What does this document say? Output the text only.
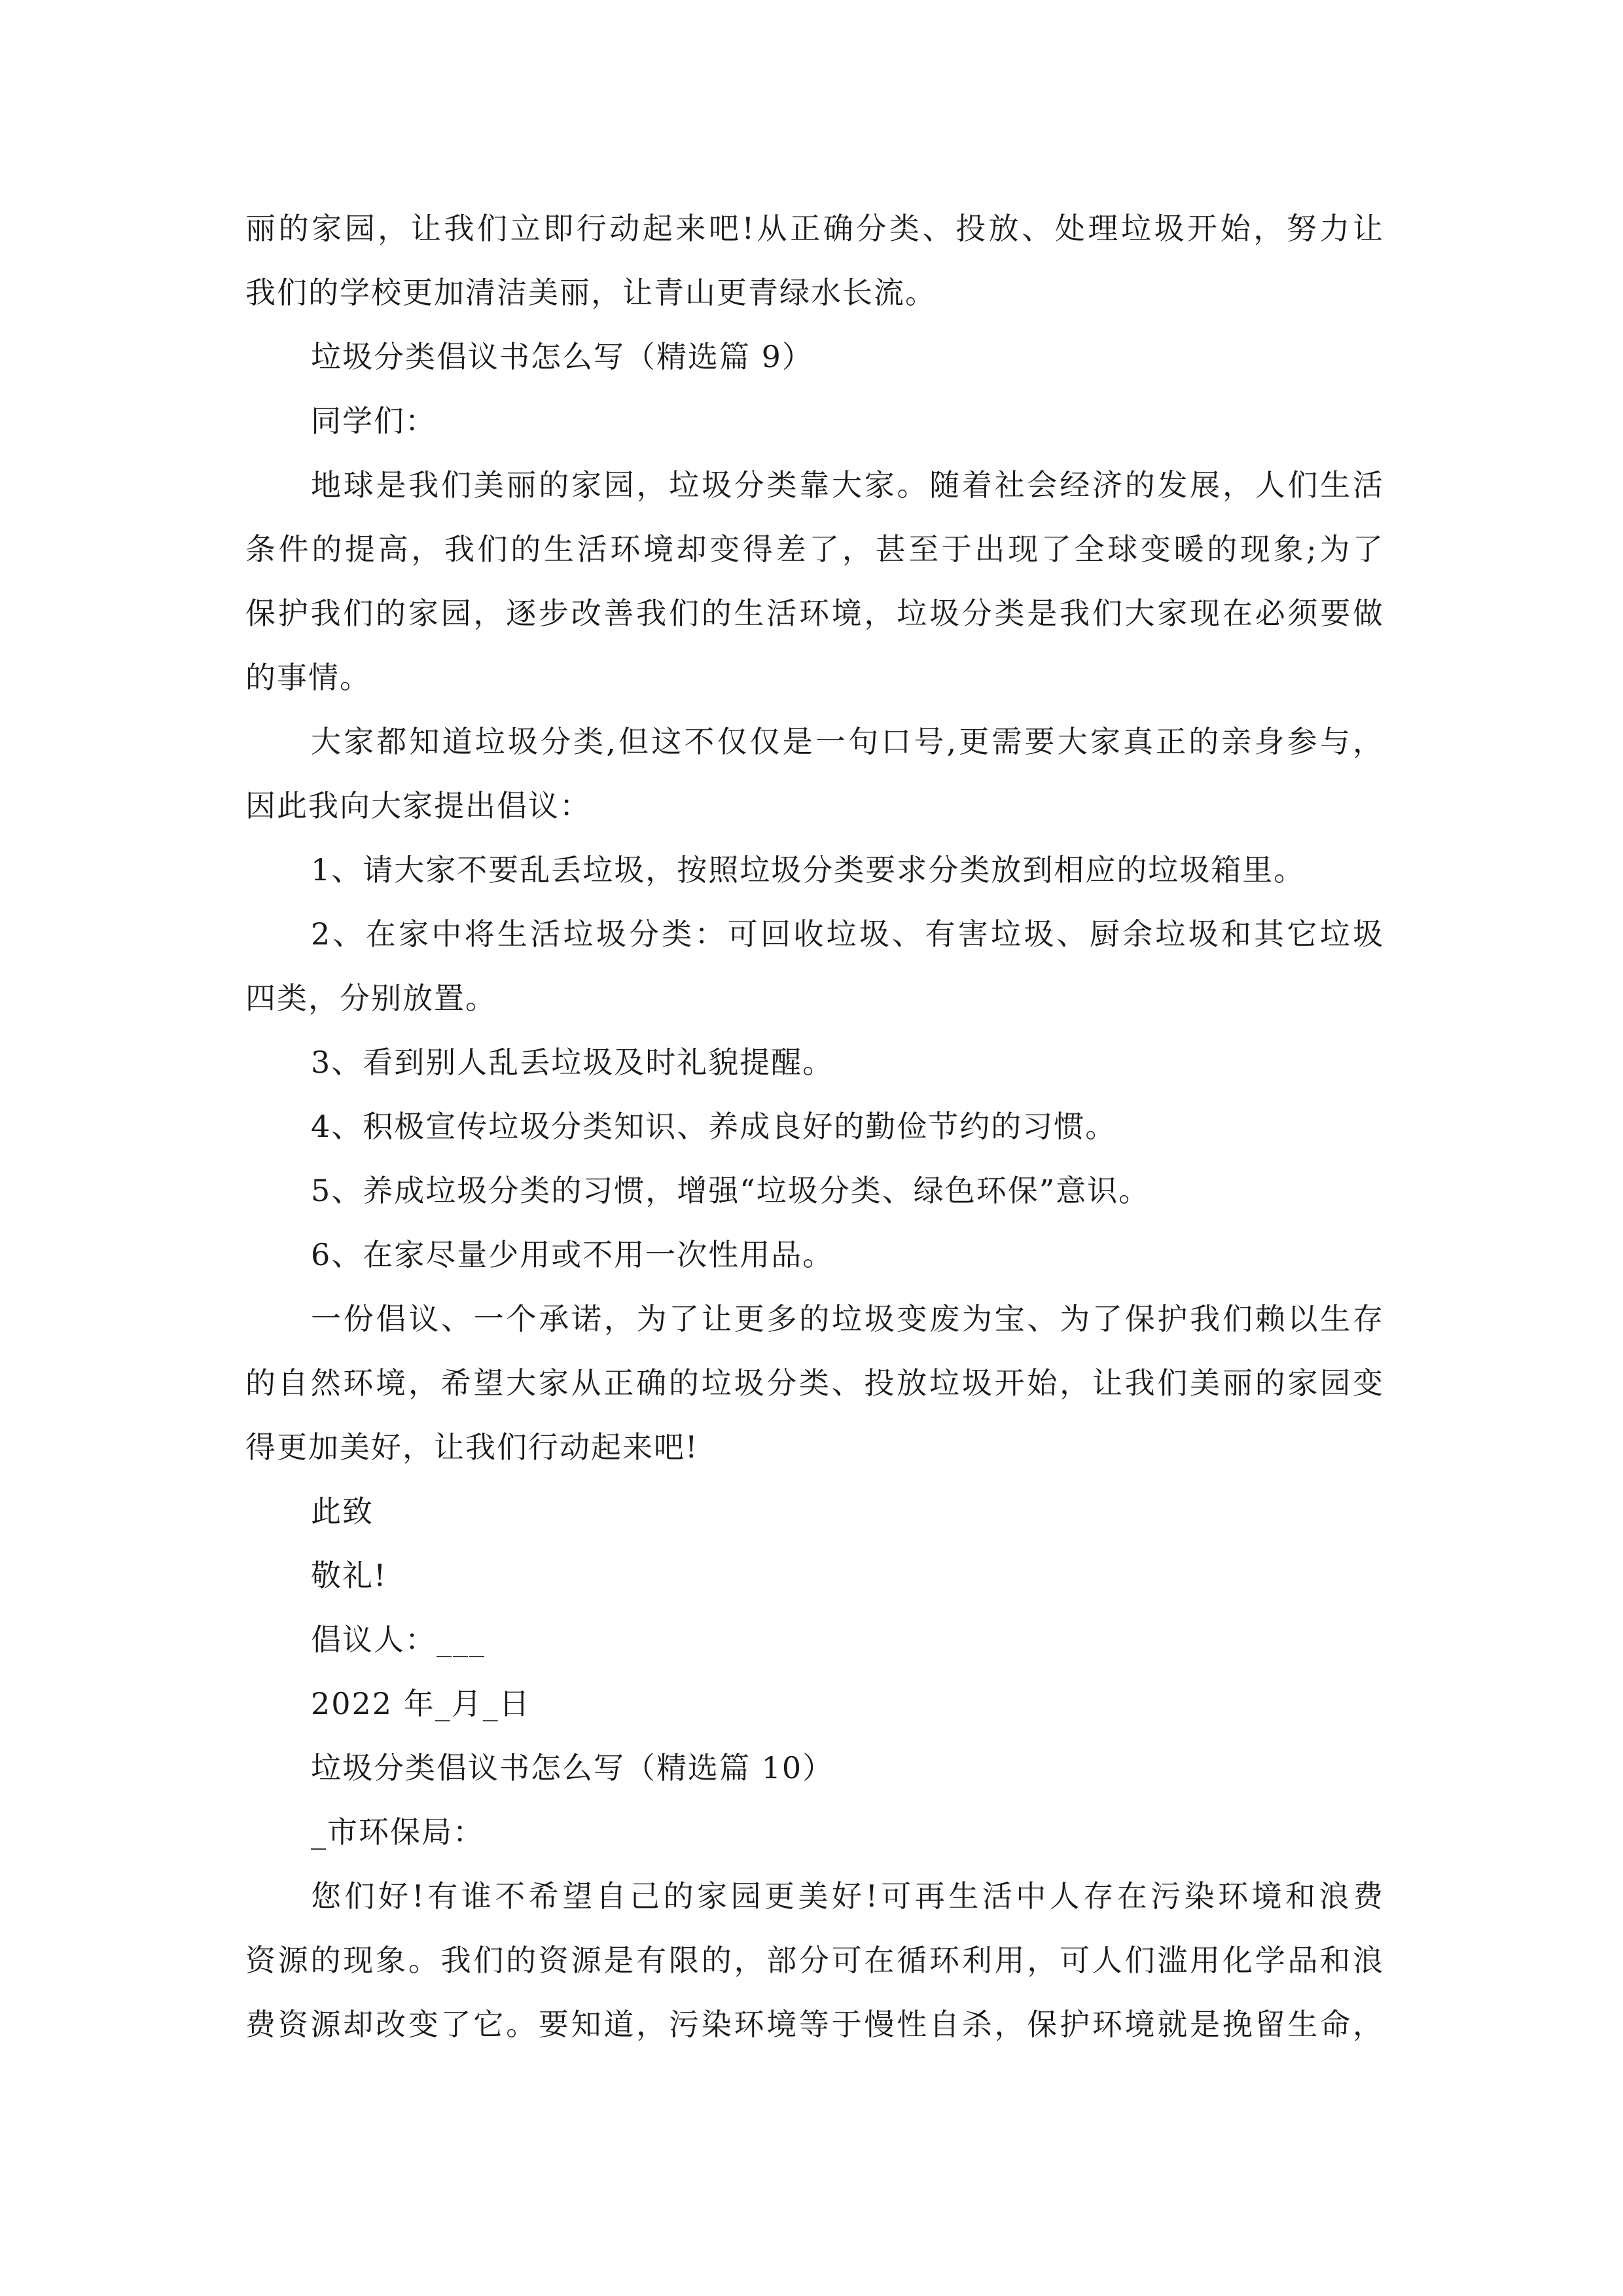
丽的家园，让我们立即行动起来吧!从正确分类、投放、处理垃圾开始，努力让
我们的学校更加清洁美丽，让青山更青绿水长流。
垃圾分类倡议书怎么写（精选篇 9）
同学们：
地球是我们美丽的家园，垃圾分类靠大家。随着社会经济的发展，人们生活
条件的提高，我们的生活环境却变得差了，甚至于出现了全球变暖的现象;为了
保护我们的家园，逐步改善我们的生活环境，垃圾分类是我们大家现在必须要做
的事情。
大家都知道垃圾分类,但这不仅仅是一句口号,更需要大家真正的亲身参与，
因此我向大家提出倡议：
1、请大家不要乱丢垃圾，按照垃圾分类要求分类放到相应的垃圾箱里。
2、在家中将生活垃圾分类：可回收垃圾、有害垃圾、厨余垃圾和其它垃圾
四类，分别放置。
3、看到别人乱丢垃圾及时礼貌提醒。
4、积极宣传垃圾分类知识、养成良好的勤俭节约的习惯。
5、养成垃圾分类的习惯，增强“垃圾分类、绿色环保”意识。
6、在家尽量少用或不用一次性用品。
一份倡议、一个承诺，为了让更多的垃圾变废为宝、为了保护我们赖以生存
的自然环境，希望大家从正确的垃圾分类、投放垃圾开始，让我们美丽的家园变
得更加美好，让我们行动起来吧!
此致
敬礼!
倡议人：___
2022 年_月_日
垃圾分类倡议书怎么写（精选篇 10）
_市环保局：
您们好!有谁不希望自己的家园更美好!可再生活中人存在污染环境和浪费
资源的现象。我们的资源是有限的，部分可在循环利用，可人们滥用化学品和浪
费资源却改变了它。要知道，污染环境等于慢性自杀，保护环境就是挽留生命，
